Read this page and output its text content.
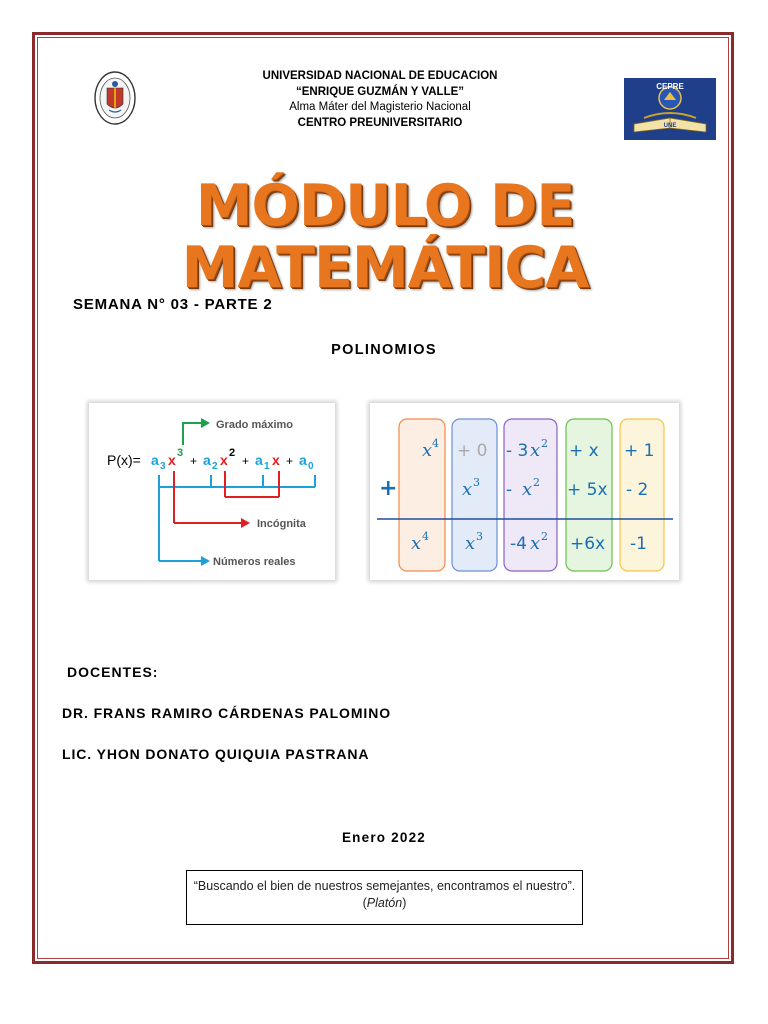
UNIVERSIDAD NACIONAL DE EDUCACION
“ENRIQUE GUZMÁN Y VALLE”
Alma Máter del Magisterio Nacional
CENTRO PREUNIVERSITARIO
CEPRE
UNE
MÓDULO DE
MATEMÁTICA
SEMANA N° 03 - PARTE 2
POLINOMIOS
Grado máximo
P(x)= a 3 x 3
+ a 2 x 2
+ a 1 x + a 0
Números reales
Incógnita
x 4 + 0 - 3 x 2 + x + 1
+	x 3 - x 2 + 5x - 2
x 4 x 3 -4 x 2 +6x -1
DOCENTES:
DR. FRANS RAMIRO CÁRDENAS PALOMINO
LIC. YHON DONATO QUIQUIA PASTRANA
Enero 2022
“Buscando el bien de nuestros semejantes, encontramos el nuestro”. (Platón)
